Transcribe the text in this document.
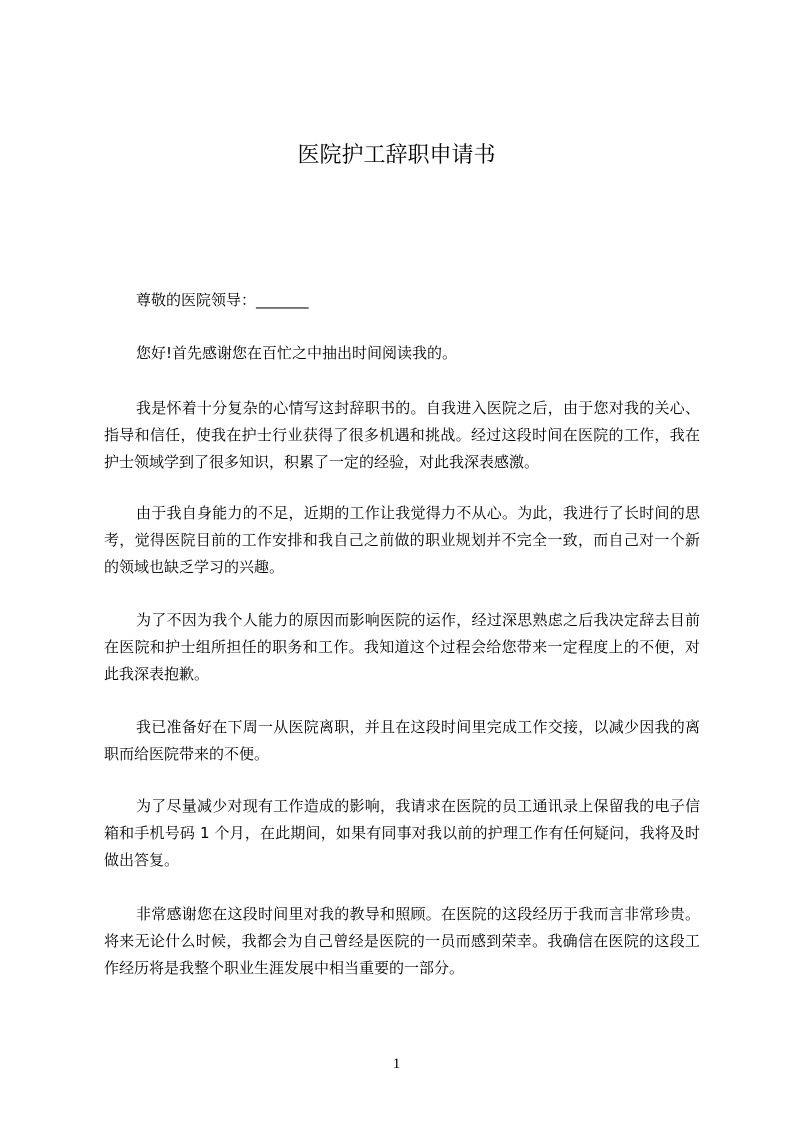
医院护工辞职申请书

尊敬的医院领导：_______

您好!首先感谢您在百忙之中抽出时间阅读我的。

我是怀着十分复杂的心情写这封辞职书的。自我进入医院之后，由于您对我的关心、指导和信任，使我在护士行业获得了很多机遇和挑战。经过这段时间在医院的工作，我在护士领域学到了很多知识，积累了一定的经验，对此我深表感激。

由于我自身能力的不足，近期的工作让我觉得力不从心。为此，我进行了长时间的思考，觉得医院目前的工作安排和我自己之前做的职业规划并不完全一致，而自己对一个新的领域也缺乏学习的兴趣。

为了不因为我个人能力的原因而影响医院的运作，经过深思熟虑之后我决定辞去目前在医院和护士组所担任的职务和工作。我知道这个过程会给您带来一定程度上的不便，对此我深表抱歉。

我已准备好在下周一从医院离职，并且在这段时间里完成工作交接，以减少因我的离职而给医院带来的不便。

为了尽量减少对现有工作造成的影响，我请求在医院的员工通讯录上保留我的电子信箱和手机号码 1 个月，在此期间，如果有同事对我以前的护理工作有任何疑问，我将及时做出答复。

非常感谢您在这段时间里对我的教导和照顾。在医院的这段经历于我而言非常珍贵。将来无论什么时候，我都会为自己曾经是医院的一员而感到荣幸。我确信在医院的这段工作经历将是我整个职业生涯发展中相当重要的一部分。

1
